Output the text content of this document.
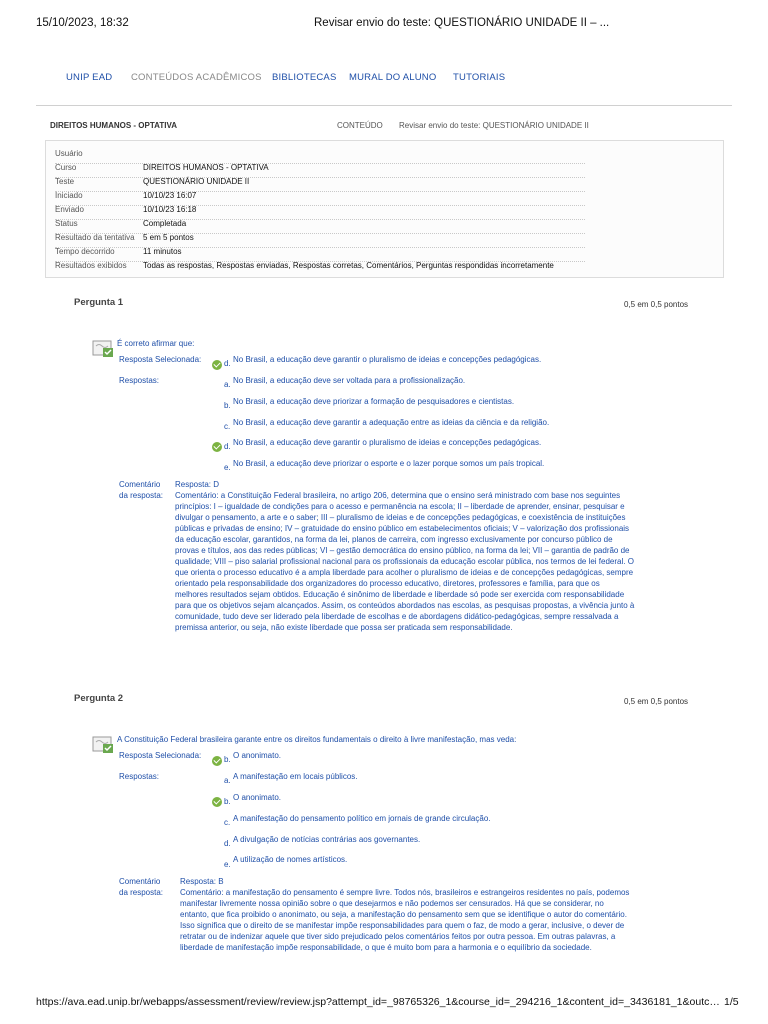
15/10/2023, 18:32	Revisar envio do teste: QUESTIONÁRIO UNIDADE II – ...
UNIP EAD CONTEÚDOS ACADÊMICOS BIBLIOTECAS MURAL DO ALUNO TUTORIAIS
DIREITOS HUMANOS - OPTATIVA	CONTEÚDO Revisar envio do teste: QUESTIONÁRIO UNIDADE II
Usuário
Curso	DIREITOS HUMANOS - OPTATIVA
Teste	QUESTIONÁRIO UNIDADE II
Iniciado	10/10/23 16:07
Enviado	10/10/23 16:18
Status	Completada
Resultado da tentativa 5 em 5 pontos
Tempo decorrido	11 minutos
Resultados exibidos Todas as respostas, Respostas enviadas, Respostas corretas, Comentários, Perguntas respondidas incorretamente
Pergunta 1	0,5 em 0,5 pontos
É correto afirmar que:
Resposta Selecionada:	d. No Brasil, a educação deve garantir o pluralismo de ideias e concepções pedagógicas.
Respostas:	a. No Brasil, a educação deve ser voltada para a profissionalização.
b. No Brasil, a educação deve priorizar a formação de pesquisadores e cientistas.
c. No Brasil, a educação deve garantir a adequação entre as ideias da ciência e da religião.
d. No Brasil, a educação deve garantir o pluralismo de ideias e concepções pedagógicas.
e. No Brasil, a educação deve priorizar o esporte e o lazer porque somos um país tropical.
Comentário
da resposta:
Resposta: D
Comentário: a Constituição Federal brasileira, no artigo 206, determina que o ensino será ministrado com base nos seguintes
princípios: I – igualdade de condições para o acesso e permanência na escola; II – liberdade de aprender, ensinar, pesquisar e
divulgar o pensamento, a arte e o saber; III – pluralismo de ideias e de concepções pedagógicas, e coexistência de instituições
públicas e privadas de ensino; IV – gratuidade do ensino público em estabelecimentos oficiais; V – valorização dos profissionais
da educação escolar, garantidos, na forma da lei, planos de carreira, com ingresso exclusivamente por concurso público de
provas e títulos, aos das redes públicas; VI – gestão democrática do ensino público, na forma da lei; VII – garantia de padrão de
qualidade; VIII – piso salarial profissional nacional para os profissionais da educação escolar pública, nos termos de lei federal. O
que orienta o processo educativo é a ampla liberdade para acolher o pluralismo de ideias e de concepções pedagógicas, sempre
orientado pela responsabilidade dos organizadores do processo educativo, diretores, professores e família, para que os
melhores resultados sejam obtidos. Educação é sinônimo de liberdade e liberdade só pode ser exercida com responsabilidade
para que os objetivos sejam alcançados. Assim, os conteúdos abordados nas escolas, as pesquisas propostas, a vivência junto à
comunidade, tudo deve ser liderado pela liberdade de escolhas e de abordagens didático-pedagógicas, sempre ressalvada a
premissa anterior, ou seja, não existe liberdade que possa ser praticada sem responsabilidade.
Pergunta 2	0,5 em 0,5 pontos
A Constituição Federal brasileira garante entre os direitos fundamentais o direito à livre manifestação, mas veda:
Resposta Selecionada:	b. O anonimato.
Respostas:	a. A manifestação em locais públicos.
b. O anonimato.
c. A manifestação do pensamento político em jornais de grande circulação.
d. A divulgação de notícias contrárias aos governantes.
e.
A utilização de nomes artísticos.
Comentário
da resposta:
Resposta: B
Comentário: a manifestação do pensamento é sempre livre. Todos nós, brasileiros e estrangeiros residentes no país, podemos
manifestar livremente nossa opinião sobre o que desejarmos e não podemos ser censurados. Há que se considerar, no
entanto, que fica proibido o anonimato, ou seja, a manifestação do pensamento sem que se identifique o autor do comentário.
Isso significa que o direito de se manifestar impõe responsabilidades para quem o faz, de modo a gerar, inclusive, o dever de
retratar ou de indenizar aquele que tiver sido prejudicado pelos comentários feitos por outra pessoa. Em outras palavras, a
liberdade de manifestação impõe responsabilidade, o que é muito bom para a harmonia e o equilíbrio da sociedade.
https://ava.ead.unip.br/webapps/assessment/review/review.jsp?attempt_id=_98765326_1&course_id=_294216_1&content_id=_3436181_1&outc… 1/5
